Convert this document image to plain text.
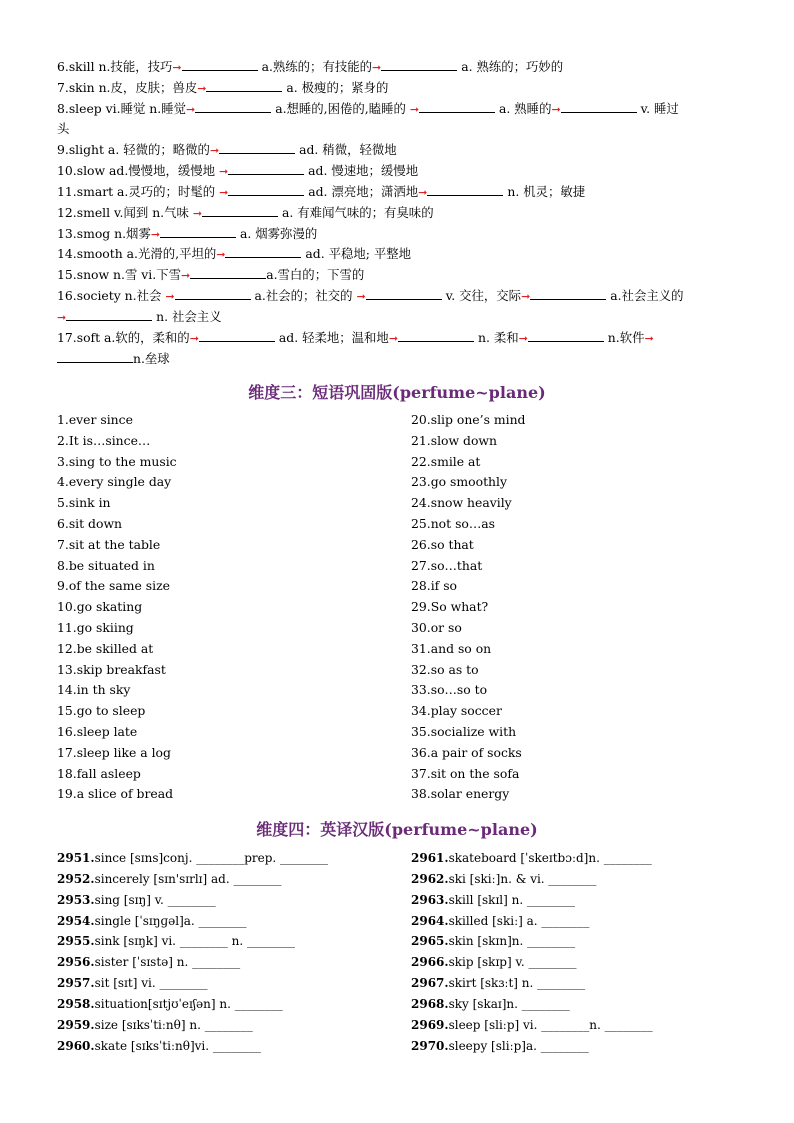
6.skill n.技能，技巧➞	a.熟练的；有技能的➞	a. 熟练的；巧妙的
7.skin n.皮，皮肤；兽皮➞	a. 极瘦的；紧身的
8.sleep vi.睡觉 n.睡觉➞	a.想睡的,困倦的,瞌睡的 ➞	a. 熟睡的➞	v. 睡过
头
9.slight a. 轻微的；略微的➞	ad. 稍微，轻微地
10.slow ad.慢慢地，缓慢地 ➞	ad. 慢速地；缓慢地
11.smart a.灵巧的；时髦的 ➞	ad. 漂亮地；潇洒地➞	n. 机灵；敏捷
12.smell v.闻到 n.气味 ➞	a. 有难闻气味的；有臭味的
13.smog n.烟雾➞	a. 烟雾弥漫的
14.smooth a.光滑的,平坦的➞	ad. 平稳地; 平整地
15.snow n.雪 vi.下雪➞	a.雪白的；下雪的
16.society n.社会 ➞	a.社会的；社交的 ➞	v. 交往，交际➞	a.社会主义的
➞	n. 社会主义
17.soft a.软的，柔和的➞	ad. 轻柔地；温和地➞	n. 柔和➞	n.软件➞
n.垒球
维度三：短语巩固版(perfume~plane)
1.ever since
2.It is…since…
3.sing to the music
4.every single day
5.sink in
6.sit down
7.sit at the table
8.be situated in
9.of the same size
10.go skating
11.go skiing
12.be skilled at
13.skip breakfast
14.in th sky
15.go to sleep
16.sleep late
17.sleep like a log
18.fall asleep
19.a slice of bread
20.slip one’s mind
21.slow down
22.smile at
23.go smoothly
24.snow heavily
25.not so…as
26.so that
27.so…that
28.if so
29.So what?
30.or so
31.and so on
32.so as to
33.so…so to
34.play soccer
35.socialize with
36.a pair of socks
37.sit on the sofa
38.solar energy
维度四：英译汉版(perfume~plane)
2951.since [sɪns]conj. ________prep. ________
2952.sincerely [sɪn'sɪrlɪ] ad. ________
2953.sing [sɪŋ] v. ________
2954.single [ˈsɪŋɡəl]a. ________
2955.sink [sɪŋk] vi. ________ n. ________
2956.sister [ˈsɪstə] n. ________
2957.sit [sɪt] vi. ________
2958.situation[sɪtjʊˈeɪʃən] n. ________
2959.size [sɪksˈtiːnθ] n. ________
2960.skate [sɪksˈtiːnθ]vi. ________
2961.skateboard [ˈskeɪtbɔːd]n. ________
2962.ski [skiː]n. & vi. ________
2963.skill [skɪl] n. ________
2964.skilled [skiː] a. ________
2965.skin [skɪn]n. ________
2966.skip [skɪp] v. ________
2967.skirt [skɜːt] n. ________
2968.sky [skaɪ]n. ________
2969.sleep [sliːp] vi. ________n. ________
2970.sleepy [sliːp]a. ________
